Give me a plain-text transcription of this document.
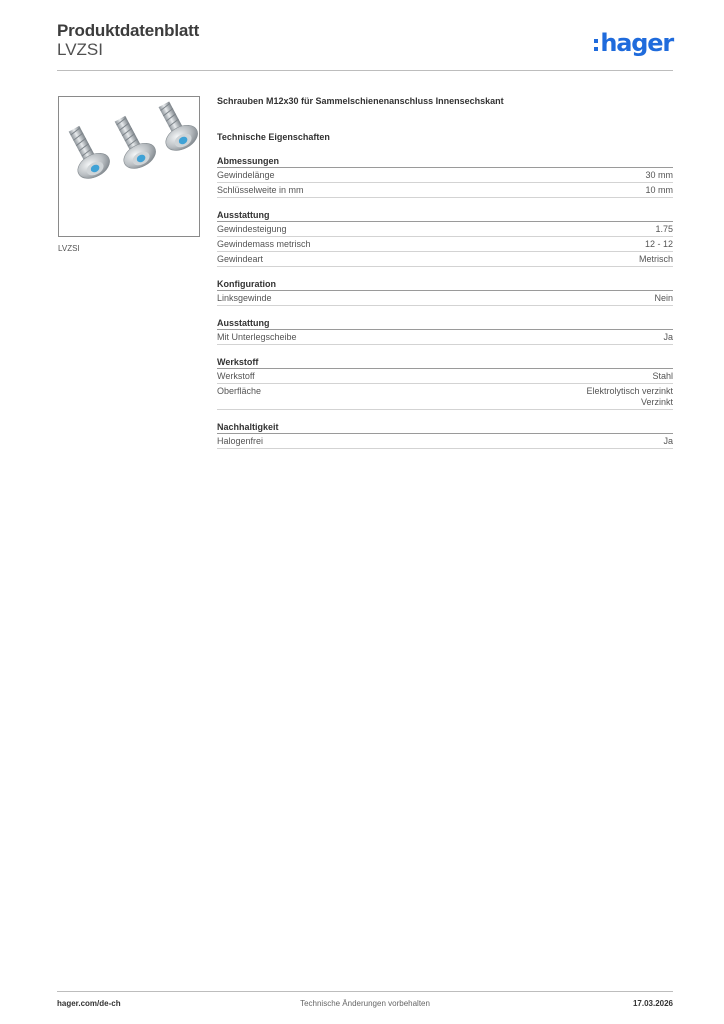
Produktdatenblatt
LVZSI	hager
LVZSI
Schrauben M12x30 für Sammelschienenanschluss Innensechskant
Technische Eigenschaften
Abmessungen
Gewindelänge	30 mm
Schlüsselweite in mm	10 mm
Ausstattung
Gewindesteigung	1.75
Gewindemass metrisch	12 - 12
Gewindeart	Metrisch
Konfiguration
Linksgewinde	Nein
Ausstattung
Mit Unterlegscheibe	Ja
Werkstoff
Werkstoff	Stahl
Oberfläche	Elektrolytisch verzinkt
Verzinkt
Nachhaltigkeit
Halogenfrei	Ja
hager.com/de-ch	Technische Änderungen vorbehalten	17.03.2026
